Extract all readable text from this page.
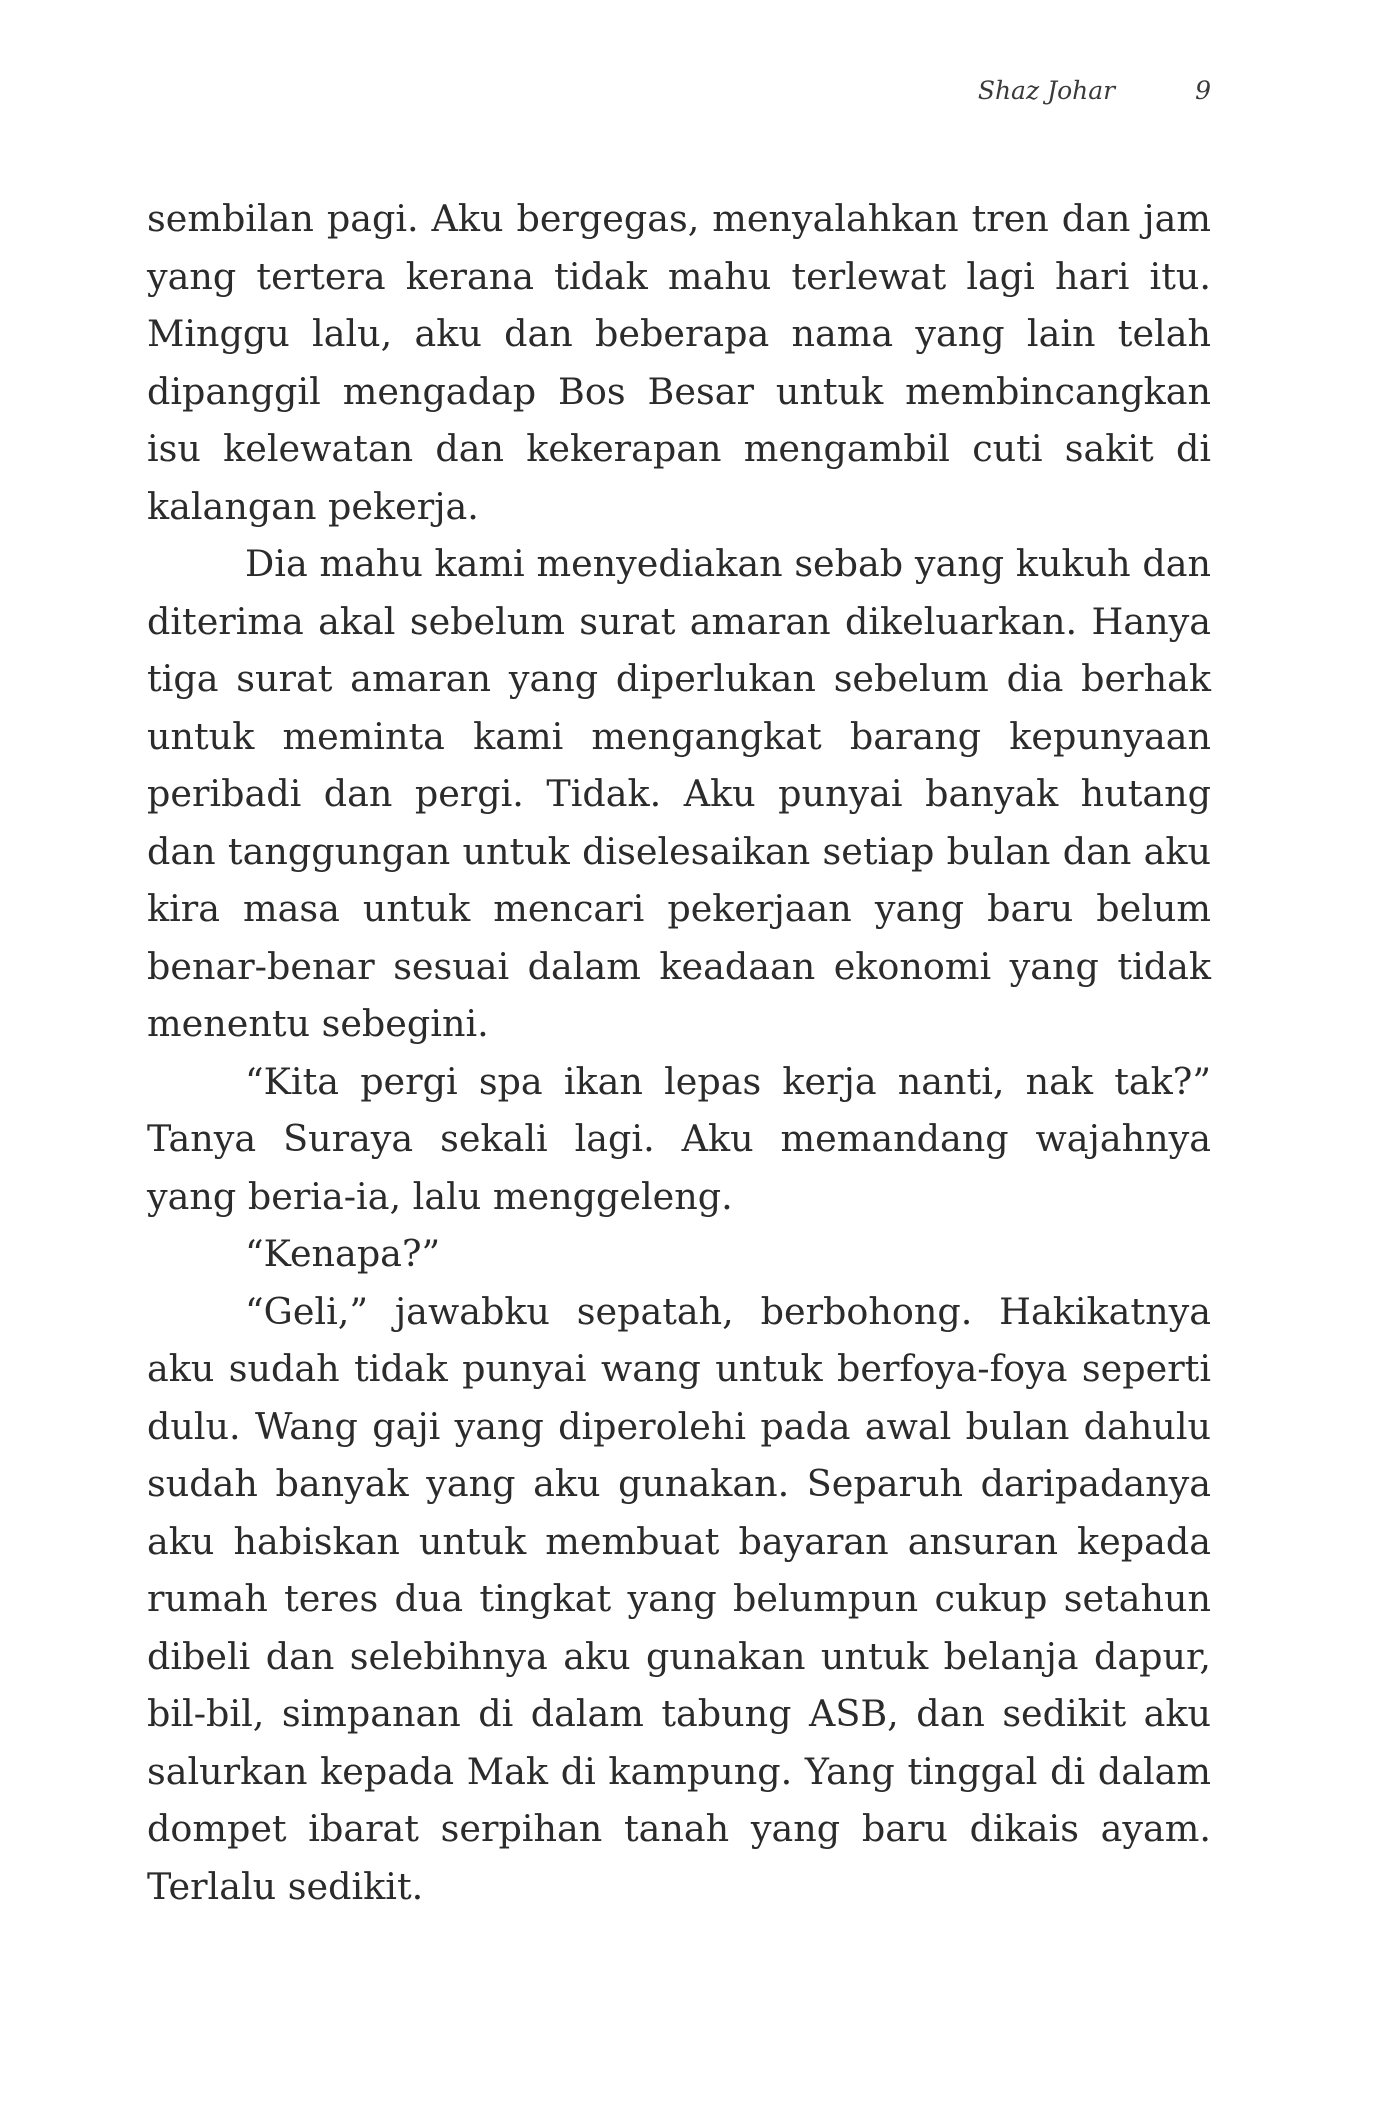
Shaz Johar	9

sembilan pagi. Aku bergegas, menyalahkan tren dan jam yang tertera kerana tidak mahu terlewat lagi hari itu. Minggu lalu, aku dan beberapa nama yang lain telah dipanggil mengadap Bos Besar untuk membincangkan isu kelewatan dan kekerapan mengambil cuti sakit di kalangan pekerja.

Dia mahu kami menyediakan sebab yang kukuh dan diterima akal sebelum surat amaran dikeluarkan. Hanya tiga surat amaran yang diperlukan sebelum dia berhak untuk meminta kami mengangkat barang kepunyaan peribadi dan pergi. Tidak. Aku punyai banyak hutang dan tanggungan untuk diselesaikan setiap bulan dan aku kira masa untuk mencari pekerjaan yang baru belum benar-benar sesuai dalam keadaan ekonomi yang tidak menentu sebegini.

“Kita pergi spa ikan lepas kerja nanti, nak tak?” Tanya Suraya sekali lagi. Aku memandang wajahnya yang beria-ia, lalu menggeleng.

“Kenapa?”

“Geli,” jawabku sepatah, berbohong. Hakikatnya aku sudah tidak punyai wang untuk berfoya-foya seperti dulu. Wang gaji yang diperolehi pada awal bulan dahulu sudah banyak yang aku gunakan. Separuh daripadanya aku habiskan untuk membuat bayaran ansuran kepada rumah teres dua tingkat yang belumpun cukup setahun dibeli dan selebihnya aku gunakan untuk belanja dapur, bil-bil, simpanan di dalam tabung ASB, dan sedikit aku salurkan kepada Mak di kampung. Yang tinggal di dalam dompet ibarat serpihan tanah yang baru dikais ayam. Terlalu sedikit.
